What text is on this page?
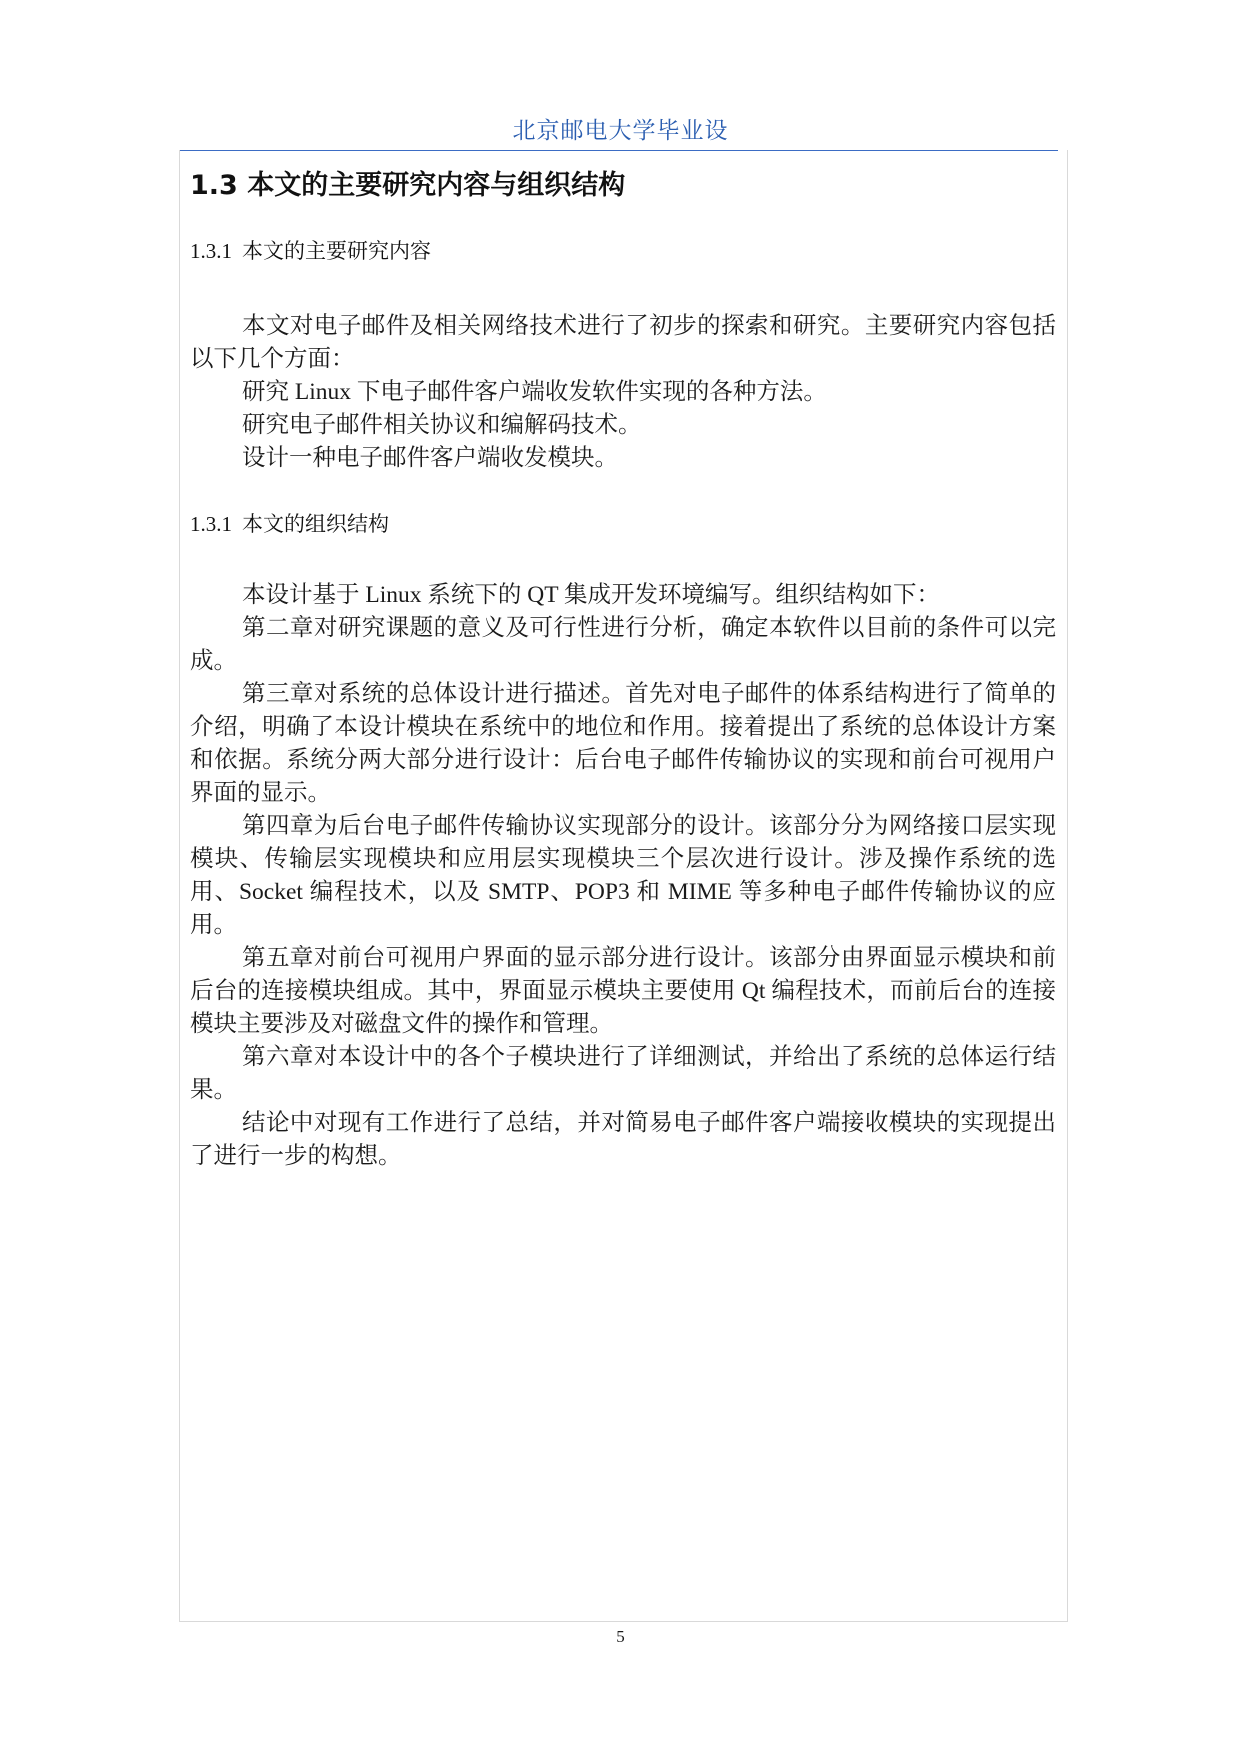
北京邮电大学毕业设
1.3 本文的主要研究内容与组织结构
1.3.1 本文的主要研究内容

本文对电子邮件及相关网络技术进行了初步的探索和研究。主要研究内容包括以下几个方面：

研究 Linux 下电子邮件客户端收发软件实现的各种方法。

研究电子邮件相关协议和编解码技术。

设计一种电子邮件客户端收发模块。

1.3.1 本文的组织结构

本设计基于 Linux 系统下的 QT 集成开发环境编写。组织结构如下：

第二章对研究课题的意义及可行性进行分析，确定本软件以目前的条件可以完成。

第三章对系统的总体设计进行描述。首先对电子邮件的体系结构进行了简单的介绍，明确了本设计模块在系统中的地位和作用。接着提出了系统的总体设计方案和依据。系统分两大部分进行设计：后台电子邮件传输协议的实现和前台可视用户界面的显示。

第四章为后台电子邮件传输协议实现部分的设计。该部分分为网络接口层实现模块、传输层实现模块和应用层实现模块三个层次进行设计。涉及操作系统的选用、Socket 编程技术，以及 SMTP、POP3 和 MIME 等多种电子邮件传输协议的应用。

第五章对前台可视用户界面的显示部分进行设计。该部分由界面显示模块和前后台的连接模块组成。其中，界面显示模块主要使用 Qt 编程技术，而前后台的连接模块主要涉及对磁盘文件的操作和管理。

第六章对本设计中的各个子模块进行了详细测试，并给出了系统的总体运行结果。

结论中对现有工作进行了总结，并对简易电子邮件客户端接收模块的实现提出了进行一步的构想。

5
